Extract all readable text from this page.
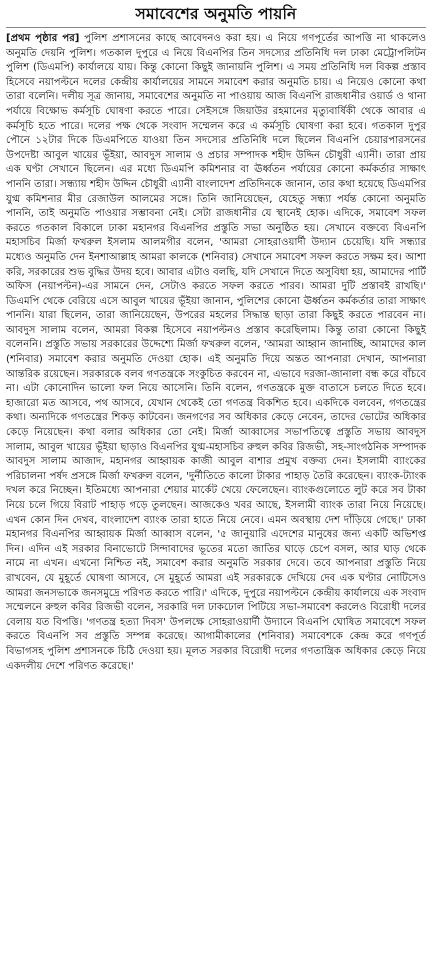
সমাবেশের অনুমতি পায়নি

[প্রথম পৃষ্ঠার পর] পুলিশ প্রশাসনের কাছে আবেদনও করা হয়। এ নিয়ে গণপূর্তের আপত্তি না থাকলেও অনুমতি দেয়নি পুলিশ। গতকাল দুপুরে এ নিয়ে বিএনপির তিন সদস্যের প্রতিনিধি দল ঢাকা মেট্রোপলিটন পুলিশ (ডিএমপি) কার্যালয়ে যায়। কিন্তু কোনো কিছুই জানায়নি পুলিশ। এ সময় প্রতিনিধি দল বিকল্প প্রস্তাব হিসেবে নয়াপল্টনে দলের কেন্দ্রীয় কার্যালয়ের সামনে সমাবেশ করার অনুমতি চায়। এ নিয়েও কোনো কথা তারা বলেনি। দলীয় সূত্র জানায়, সমাবেশের অনুমতি না পাওয়ায় আজ বিএনপি রাজধানীর ওয়ার্ড ও থানা পর্যায়ে বিক্ষোভ কর্মসূচি ঘোষণা করতে পারে। সেইসঙ্গে জিয়াউর রহমানের মৃত্যুবার্ষিকী থেকে আবার এ কর্মসূচি হতে পারে। দলের পক্ষ থেকে সংবাদ সম্মেলন করে এ কর্মসূচি ঘোষণা করা হবে। গতকাল দুপুর পৌনে ১২টার দিকে ডিএমপিতে যাওয়া তিন সদস্যের প্রতিনিধি দলে ছিলেন বিএনপি চেয়ারপারসনের উপদেষ্টা আবুল খায়ের ভূঁইয়া, আবদুস সালাম ও প্রচার সম্পাদক শহীদ উদ্দিন চৌধুরী এ্যানী। তারা প্রায় এক ঘণ্টা সেখানে ছিলেন। এর মধ্যে ডিএমপি কমিশনার বা ঊর্ধ্বতন পর্যায়ের কোনো কর্মকর্তার সাক্ষাৎ পাননি তারা। সন্ধ্যায় শহীদ উদ্দিন চৌধুরী এ্যানী বাংলাদেশ প্রতিদিনকে জানান, তার কথা হয়েছে ডিএমপির যুগ্ম কমিশনার মীর রেজাউল আলমের সঙ্গে। তিনি জানিয়েছেন, যেহেতু সন্ধ্যা পর্যন্ত কোনো অনুমতি পাননি, তাই অনুমতি পাওয়ার সম্ভাবনা নেই। সেটা রাজধানীর যে স্থানেই হোক। এদিকে, সমাবেশ সফল করতে গতকাল বিকালে ঢাকা মহানগর বিএনপির প্রস্তুতি সভা অনুষ্ঠিত হয়। সেখানে বক্তব্যে বিএনপি মহাসচিব মির্জা ফখরুল ইসলাম আলমগীর বলেন, 'আমরা সোহরাওয়ার্দী উদ্যান চেয়েছি। যদি সন্ধ্যার মধ্যেও অনুমতি দেন ইনশাআল্লাহ আমরা কালকে (শনিবার) সেখানে সমাবেশ সফল করতে সক্ষম হব। আশা করি, সরকারের শুভ বুদ্ধির উদয় হবে। আবার এটাও বলছি, যদি সেখানে দিতে অসুবিধা হয়, আমাদের পার্টি অফিস (নয়াপল্টন)-এর সামনে দেন, সেটাও করতে সফল করতে পারব। আমরা দুটি প্রস্তাবই রাখছি।' ডিএমপি থেকে বেরিয়ে এসে আবুল খায়ের ভূঁইয়া জানান, পুলিশের কোনো ঊর্ধ্বতন কর্মকর্তার তারা সাক্ষাৎ পাননি। যারা ছিলেন, তারা জানিয়েছেন, উপরের মহলের সিদ্ধান্ত ছাড়া তারা কিছুই করতে পারবেন না। আবদুস সালাম বলেন, আমরা বিকল্প হিসেবে নয়াপল্টনও প্রস্তাব করেছিলাম। কিন্তু তারা কোনো কিছুই বলেননি। প্রস্তুতি সভায় সরকারের উদ্দেশ্যে মির্জা ফখরুল বলেন, 'আমরা আহ্বান জানাচ্ছি, আমাদের কাল (শনিবার) সমাবেশ করার অনুমতি দেওয়া হোক। এই অনুমতি দিয়ে অন্তত আপনারা দেখান, আপনারা আন্তরিক রয়েছেন। সরকারকে বলব গণতন্ত্রকে সংকুচিত করবেন না, এভাবে দরজা-জানালা বন্ধ করে বাঁচবে না। এটা কোনোদিন ভালো ফল নিয়ে আসেনি। তিনি বলেন, গণতন্ত্রকে মুক্ত বাতাসে চলতে দিতে হবে। হাজারো মত আসবে, পথ আসবে, যেখান থেকেই তো গণতন্ত্র বিকশিত হবে। একদিকে বলবেন, গণতন্ত্রের কথা। অন্যদিকে গণতন্ত্রের শিকড় কাটবেন। জনগণের সব অধিকার কেড়ে নেবেন, তাদের ভোটের অধিকার কেড়ে নিয়েছেন। কথা বলার অধিকার তো নেই। মির্জা আব্বাসের সভাপতিত্বে প্রস্তুতি সভায় আবদুস সালাম, আবুল খায়ের ভূঁইয়া ছাড়াও বিএনপির যুগ্ম-মহাসচিব রুহুল কবির রিজভী, সহ-সাংগঠনিক সম্পাদক আবদুস সালাম আজাদ, মহানগর আহ্বায়ক কাজী আবুল বাশার প্রমুখ বক্তব্য দেন। ইসলামী ব্যাংকের পরিচালনা পর্ষদ প্রসঙ্গে মির্জা ফখরুল বলেন, 'দুর্নীতিতে কালো টাকার পাহাড় তৈরি করেছেন। ব্যাংক-ট্যাংক দখল করে নিচ্ছেন। ইতিমধ্যে আপনারা শেয়ার মার্কেট খেয়ে ফেলেছেন। ব্যাংকগুলোতে লুট করে সব টাকা নিয়ে চলে গিয়ে বিরাট পাহাড় গড়ে তুলছেন। আজকেও খবর আছে, ইসলামী ব্যাংক তারা নিয়ে নিয়েছে। এখন কোন দিন দেখব, বাংলাদেশ ব্যাংক তারা হাতে নিয়ে নেবে। এমন অবস্থায় দেশ দাঁড়িয়ে গেছে।' ঢাকা মহানগর বিএনপির আহ্বায়ক মির্জা আব্বাস বলেন, '৫ জানুয়ারি এদেশের মানুষের জন্য একটি অভিশপ্ত দিন। এদিন এই সরকার বিনাভোটে সিন্দাবাদের ভূতের মতো জাতির ঘাড়ে চেপে বসল, আর ঘাড় থেকে নামে না এখন। এখনো নিশ্চিত নই, সমাবেশ করার অনুমতি সরকার দেবে। তবে আপনারা প্রস্তুতি নিয়ে রাখবেন, যে মুহূর্তে ঘোষণা আসবে, সে মুহূর্তে আমরা এই সরকারকে দেখিয়ে দেব এক ঘণ্টার নোটিসেও আমরা জনসভাকে জনসমুদ্রে পরিণত করতে পারি।' এদিকে, দুপুরে নয়াপল্টনে কেন্দ্রীয় কার্যালয়ে এক সংবাদ সম্মেলনে রুহুল কবির রিজভী বলেন, সরকারি দল ঢাকঢোল পিটিয়ে সভা-সমাবেশ করলেও বিরোধী দলের বেলায় যত বিপত্তি। 'গণতন্ত্র হত্যা দিবস' উপলক্ষে সোহরাওয়ার্দী উদ্যানে বিএনপি ঘোষিত সমাবেশে সফল করতে বিএনপি সব প্রস্তুতি সম্পন্ন করেছে। আগামীকালের (শনিবার) সমাবেশকে কেন্দ্র করে গণপূর্ত বিভাগসহ পুলিশ প্রশাসনকে চিঠি দেওয়া হয়। মূলত সরকার বিরোধী দলের গণতান্ত্রিক অধিকার কেড়ে নিয়ে একদলীয় দেশে পরিণত করেছে।'
